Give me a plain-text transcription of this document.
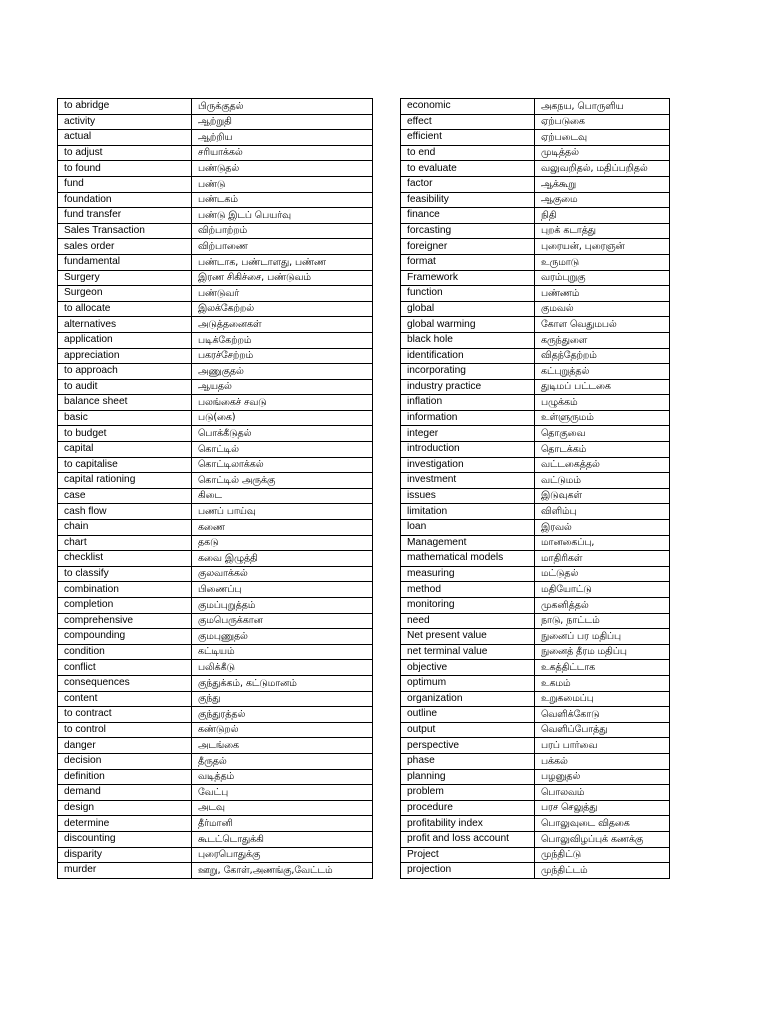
to abridge	பிருக்குதல்
activity	ஆற்றுதி
actual	ஆற்றிய
to adjust	சரியாக்கல்
to found	பண்டுதல்
fund	பண்டு
foundation	பண்டகம்
fund transfer	பண்டு இடப் பெயர்வு
Sales Transaction	விற்பாற்றம்
sales order	விற்பாணை
fundamental	பண்டாக, பண்டாளது, பண்ண
Surgery	இரண சிகிச்சை, பண்டுவம்
Surgeon	பண்டுவர்
to allocate	இலக்கேற்றல்
alternatives	அடுத்தனைகள்
application	படிக்கேற்றம்
appreciation	பகரச்சேற்றம்
to approach	அணுகுதல்
to audit	ஆயதல்
balance sheet	பலங்கைச் சவடு
basic	படு(கை)
to budget	பொக்கீடுதல்
capital	கொட்டில்
to capitalise	கொட்டிலாக்கல்
capital rationing	கொட்டில் அருக்கு
case	கிடை
cash flow	பணப் பாய்வு
chain	கணை
chart	தகடு
checklist	கவை இழுத்தி
to classify	குலவாக்கல்
combination	பிணைப்பு
completion	குமப்புறுத்தம்
comprehensive	குமபெருக்கான
compounding	குமபுணுதல்
condition	கட்டியம்
conflict	பலிக்கீடு
consequences	குந்துக்கம், கட்டுமானம்
content	குந்து
to contract	குந்துரத்தல்
to control	கண்டுறல்
danger	அடங்கை
decision	தீருதல்
definition	வடித்தம்
demand	வேட்பு
design	அடவு
determine	தீர்மானி
discounting	கூடட்டொதுக்கி
disparity	புரைபொதுக்கு
murder	ஊறு, கோள்,அணங்கு,வேட்டம்
economic	அகநய, பொருளிய
effect	ஏற்படுகை
efficient	ஏற்படைவு
to end	முடித்தல்
to evaluate	வலுவறிதல், மதிப்பறிதல்
factor	ஆக்கூறு
feasibility	ஆகுமை
finance	நிதி
forcasting	புறக் கடாத்து
foreigner	புரையன், புரைஞன்
format	உருமாடு
Framework	வரம்புறுகு
function	பண்ணம்
global	குமவல்
global warming	கோள வெதுமபல்
black hole	கருந்துளை
identification	விதந்தேற்றம்
incorporating	கட்புறுத்தல்
industry practice	துடிமப் பட்டகை
inflation	பழுக்கம்
information	உள்ளுருமம்
integer	தொகுவை
introduction	தொடக்கம்
investigation	வட்டகைத்தல்
investment	வட்டுமம்
issues	இடுவுகள்
limitation	விளிம்பு
loan	இரவல்
Management	மானகைப்பு,
mathematical models	மாதிரிகள்
measuring	மட்டுதல்
method	மதியோட்டு
monitoring	முகனித்தல்
need	நாடு, நாட்டம்
Net present value	நுனைப் பர மதிப்பு
net terminal value	நுனைத் தீரம மதிப்பு
objective	உகத்திட்டாக
optimum	உகமம்
organization	உறுகமைப்பு
outline	வெளிக்கோடு
output	வெளிப்போத்து
perspective	பரப் பார்வை
phase	பக்கல்
planning	பழனுதல்
problem	பொலவம்
procedure	பரச செலுத்து
profitability index	பொலுவுடை விதகை
profit and loss account	பொலுவிழப்புக் கணக்கு
Project	முந்திட்டு
projection	முந்திட்டம்
